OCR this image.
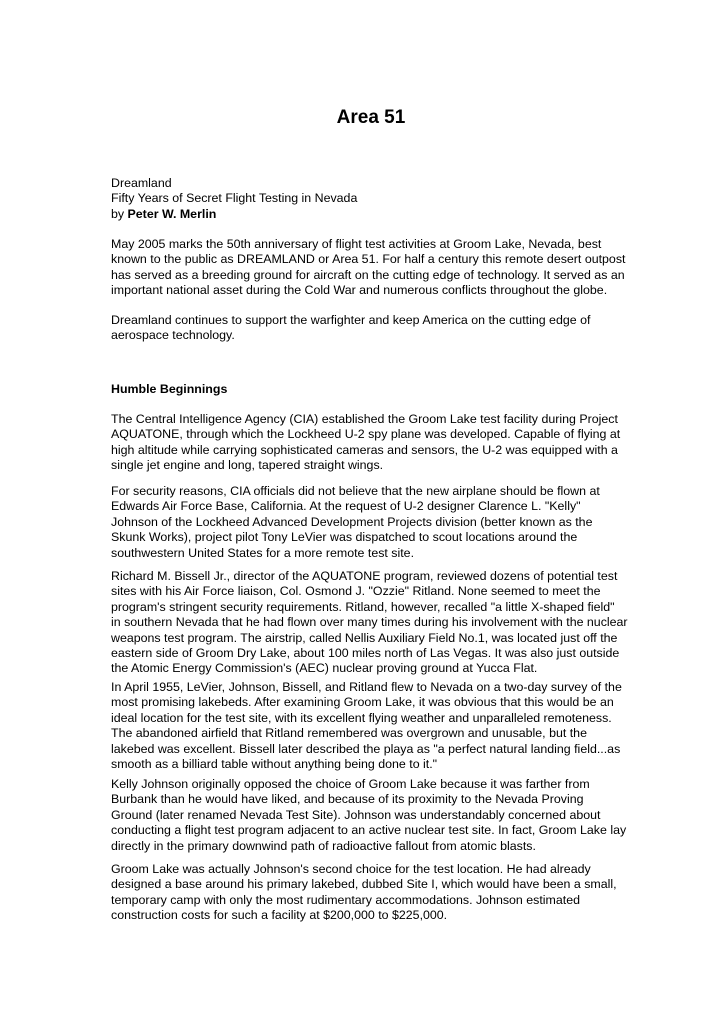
Area 51
Dreamland
Fifty Years of Secret Flight Testing in Nevada
by Peter W. Merlin
May 2005 marks the 50th anniversary of flight test activities at Groom Lake, Nevada, best
known to the public as DREAMLAND or Area 51. For half a century this remote desert outpost
has served as a breeding ground for aircraft on the cutting edge of technology. It served as an
important national asset during the Cold War and numerous conflicts throughout the globe.
Dreamland continues to support the warfighter and keep America on the cutting edge of
aerospace technology.
Humble Beginnings
The Central Intelligence Agency (CIA) established the Groom Lake test facility during Project
AQUATONE, through which the Lockheed U-2 spy plane was developed. Capable of flying at
high altitude while carrying sophisticated cameras and sensors, the U-2 was equipped with a
single jet engine and long, tapered straight wings.
For security reasons, CIA officials did not believe that the new airplane should be flown at
Edwards Air Force Base, California. At the request of U-2 designer Clarence L. "Kelly"
Johnson of the Lockheed Advanced Development Projects division (better known as the
Skunk Works), project pilot Tony LeVier was dispatched to scout locations around the
southwestern United States for a more remote test site.
Richard M. Bissell Jr., director of the AQUATONE program, reviewed dozens of potential test
sites with his Air Force liaison, Col. Osmond J. "Ozzie" Ritland. None seemed to meet the
program's stringent security requirements. Ritland, however, recalled "a little X-shaped field"
in southern Nevada that he had flown over many times during his involvement with the nuclear
weapons test program. The airstrip, called Nellis Auxiliary Field No.1, was located just off the
eastern side of Groom Dry Lake, about 100 miles north of Las Vegas. It was also just outside
the Atomic Energy Commission's (AEC) nuclear proving ground at Yucca Flat.
In April 1955, LeVier, Johnson, Bissell, and Ritland flew to Nevada on a two-day survey of the
most promising lakebeds. After examining Groom Lake, it was obvious that this would be an
ideal location for the test site, with its excellent flying weather and unparalleled remoteness.
The abandoned airfield that Ritland remembered was overgrown and unusable, but the
lakebed was excellent. Bissell later described the playa as "a perfect natural landing field...as
smooth as a billiard table without anything being done to it."
Kelly Johnson originally opposed the choice of Groom Lake because it was farther from
Burbank than he would have liked, and because of its proximity to the Nevada Proving
Ground (later renamed Nevada Test Site). Johnson was understandably concerned about
conducting a flight test program adjacent to an active nuclear test site. In fact, Groom Lake lay
directly in the primary downwind path of radioactive fallout from atomic blasts.
Groom Lake was actually Johnson's second choice for the test location. He had already
designed a base around his primary lakebed, dubbed Site I, which would have been a small,
temporary camp with only the most rudimentary accommodations. Johnson estimated
construction costs for such a facility at $200,000 to $225,000.
